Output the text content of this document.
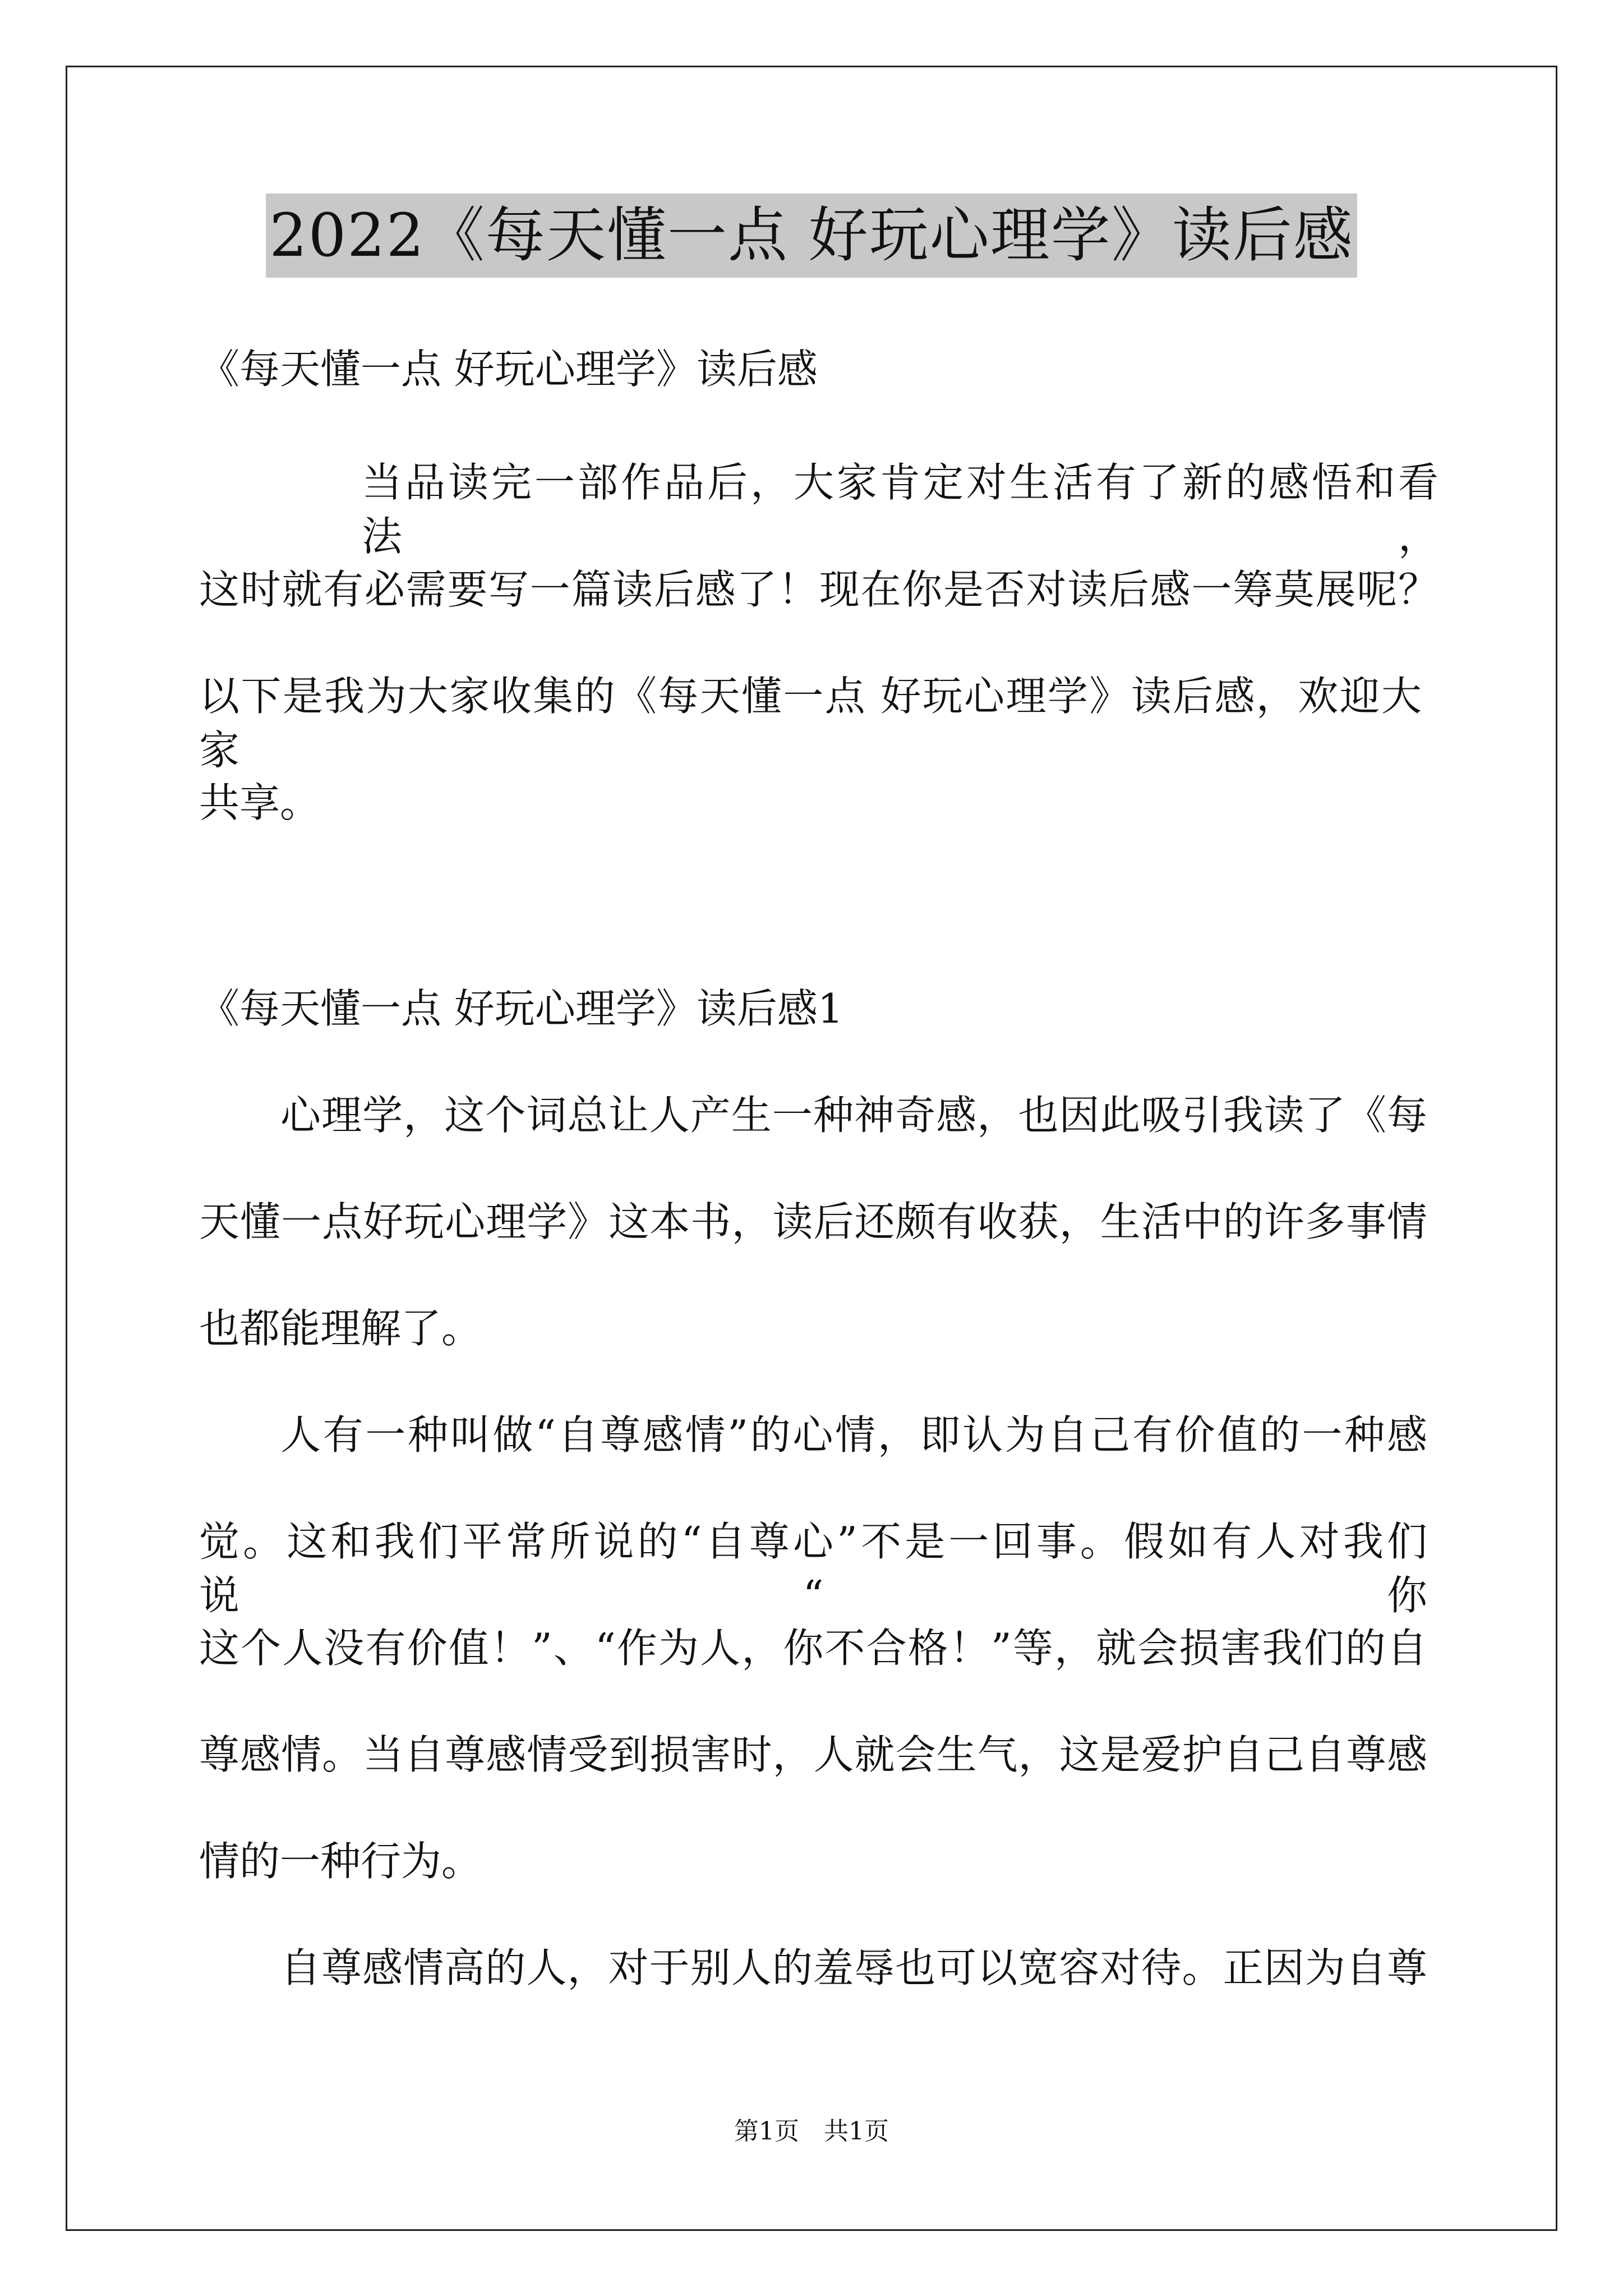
2022《每天懂一点 好玩心理学》读后感
《每天懂一点 好玩心理学》读后感
当品读完一部作品后，大家肯定对生活有了新的感悟和看法，
这时就有必需要写一篇读后感了！现在你是否对读后感一筹莫展呢？
以下是我为大家收集的《每天懂一点 好玩心理学》读后感，欢迎大家
共享。
《每天懂一点 好玩心理学》读后感1
心理学，这个词总让人产生一种神奇感，也因此吸引我读了《每
天懂一点好玩心理学》这本书，读后还颇有收获，生活中的许多事情
也都能理解了。
人有一种叫做“自尊感情”的心情，即认为自己有价值的一种感
觉。这和我们平常所说的“自尊心”不是一回事。假如有人对我们说“你
这个人没有价值！”、“作为人，你不合格！”等，就会损害我们的自
尊感情。当自尊感情受到损害时，人就会生气，这是爱护自己自尊感
情的一种行为。
自尊感情高的人，对于别人的羞辱也可以宽容对待。正因为自尊
第1页　共1页
